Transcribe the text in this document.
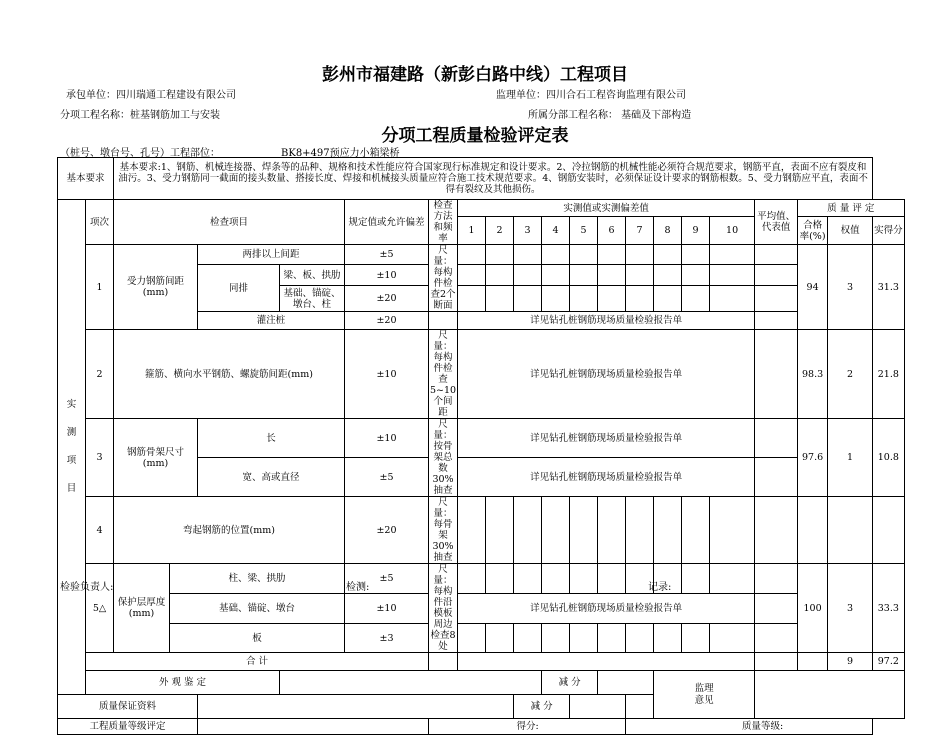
彭州市福建路（新彭白路中线）工程项目
承包单位：四川瑞通工程建设有限公司	监理单位：四川合石工程咨询监理有限公司
分项工程名称：桩基钢筋加工与安装	所属分部工程名称： 基础及下部构造
分项工程质量检验评定表
（桩号、墩台号、孔号）工程部位：	BK8+497预应力小箱梁桥
基本要求		基本要求:1、钢筋、机械连接器、焊条等的品种、规格和技术性能应符合国家现行标准规定和设计要求。2、冷拉钢筋的机械性能必须符合规范要求，钢筋平直，表面不应有裂皮和油污。3、受力钢筋同一截面的接头数量、搭接长度、焊接和机械接头质量应符合施工技术规范要求。4、钢筋安装时，必须保证设计要求的钢筋根数。5、受力钢筋应平直，表面不得有裂纹及其他损伤。																			

实
测
项
目	项次	检查项目				规定值或允许偏差	检查方法和频率	实测值或实测偏差值										平均值、代表值	质 量 评 定		
								1	2	3	4	5	6	7	8	9	10		合格率(%)	权值	实得分
	1	受力钢筋间距(mm)		两排以上间距		±5	尺量：每构件检查2个断面												94	3	31.3
				同排	梁、板、拱肋	±10															
					基础、锚碇、墩台、柱	±20															
				灌注桩		±20		详见钻孔桩钢筋现场质量检验报告单													
	2	箍筋、横向水平钢筋、螺旋筋间距(mm)				±10	尺量：每构件检查5~10个间距	详见钻孔桩钢筋现场质量检验报告单											98.3	2	21.8
	3	钢筋骨架尺寸(mm)		长		±10	尺量：按骨架总数30%抽查	详见钻孔桩钢筋现场质量检验报告单											97.6	1	10.8
				宽、高或直径		±5		详见钻孔桩钢筋现场质量检验报告单													
	4	弯起钢筋的位置(mm)				±20	尺量：每骨架30%抽查														
	5△	保护层厚度(mm)	柱、梁、拱肋			±5	尺量：每构件沿模板周边检查8处												100	3	33.3
			基础、锚碇、墩台			±10		详见钻孔桩钢筋现场质量检验报告单													
			板			±3															
	合 计																			9	97.2
	外 观 鉴 定										减 分				监理意见						

质量保证资料										减 分											
工程质量等级评定							得分:							质量等级:							
检验负责人:	检测:	记录:
